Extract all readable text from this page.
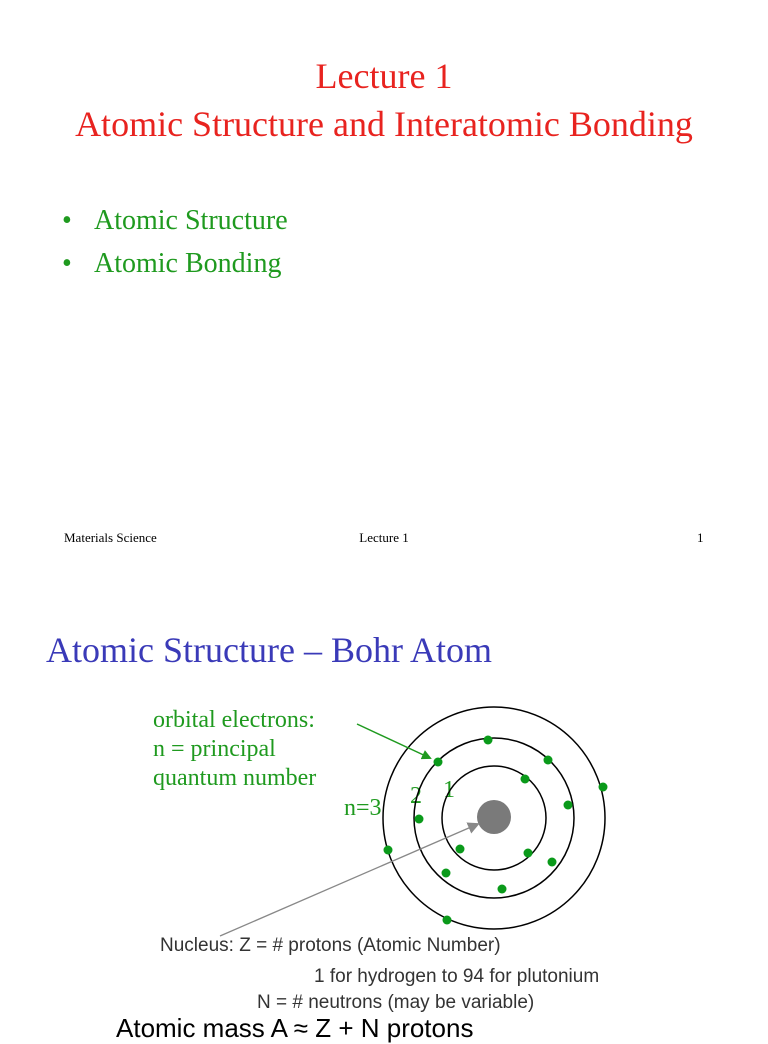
Lecture 1
Atomic Structure and Interatomic Bonding
• Atomic Structure
• Atomic Bonding
Materials Science	Lecture 1	1
Atomic Structure – Bohr Atom
orbital electrons:
n = principal
quantum number
n=3 2 1
Nucleus: Z = # protons (Atomic Number)
1 for hydrogen to 94 for plutonium
N = # neutrons (may be variable)
Atomic mass A ≈ Z + N protons
